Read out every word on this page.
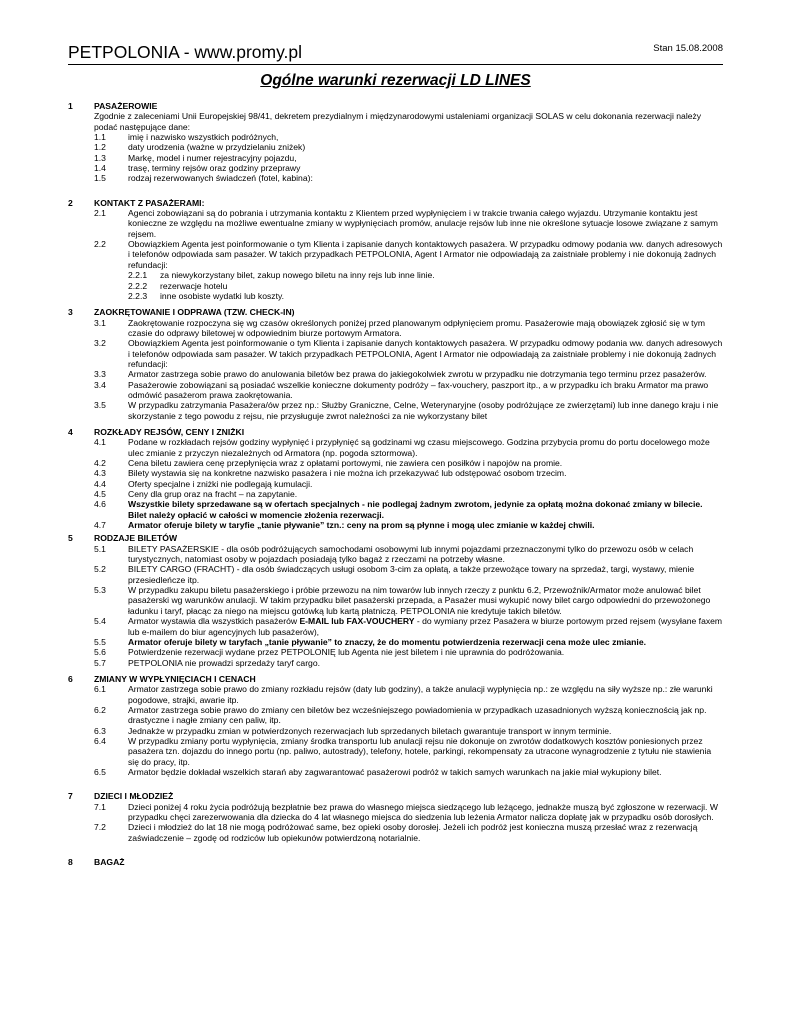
PETPOLONIA - www.promy.pl	Stan 15.08.2008
Ogólne warunki rezerwacji LD LINES
1	PASAŻEROWIE
Zgodnie z zaleceniami Unii Europejskiej 98/41, dekretem prezydialnym i międzynarodowymi ustaleniami organizacji SOLAS w celu dokonania rezerwacji należy podać następujące dane:
1.1	imię i nazwisko wszystkich podróżnych,
1.2	daty urodzenia (ważne w przydzielaniu zniżek)
1.3	Markę, model i numer rejestracyjny pojazdu,
1.4	trasę, terminy rejsów oraz godziny przeprawy
1.5	rodzaj rezerwowanych świadczeń (fotel, kabina):
2	KONTAKT Z PASAŻERAMI:
2.1	Agenci zobowiązani są do pobrania i utrzymania kontaktu z Klientem przed wypłynięciem i w trakcie trwania całego wyjazdu. Utrzymanie kontaktu jest konieczne ze względu na możliwe ewentualne zmiany w wypłynięciach promów, anulacje rejsów lub inne nie określone sytuacje losowe związane z samym rejsem.
2.2	Obowiązkiem Agenta jest poinformowanie o tym Klienta i zapisanie danych kontaktowych pasażera. W przypadku odmowy podania ww. danych adresowych i telefonów odpowiada sam pasażer. W takich przypadkach PETPOLONIA, Agent I Armator nie odpowiadają za zaistniałe problemy i nie dokonują żadnych refundacji:
2.2.1	za niewykorzystany bilet, zakup nowego biletu na inny rejs lub inne linie.
2.2.2	rezerwacje hotelu
2.2.3	inne osobiste wydatki lub koszty.
3	ZAOKRĘTOWANIE I ODPRAWA (TZW. CHECK-IN)
3.1	Zaokrętowanie rozpoczyna się wg czasów określonych poniżej przed planowanym odpłynięciem promu. Pasażerowie mają obowiązek zgłosić się w tym czasie do odprawy biletowej w odpowiednim biurze portowym Armatora.
3.2	Obowiązkiem Agenta jest poinformowanie o tym Klienta i zapisanie danych kontaktowych pasażera. W przypadku odmowy podania ww. danych adresowych i telefonów odpowiada sam pasażer. W takich przypadkach PETPOLONIA, Agent I Armator nie odpowiadają za zaistniałe problemy i nie dokonują żadnych refundacji:
3.3	Armator zastrzega sobie prawo do anulowania biletów bez prawa do jakiegokolwiek zwrotu w przypadku nie dotrzymania tego terminu przez pasażerów.
3.4	Pasażerowie zobowiązani są posiadać wszelkie konieczne dokumenty podróży – fax-vouchery, paszport itp., a w przypadku ich braku Armator ma prawo odmówić pasażerom prawa zaokrętowania.
3.5	W przypadku zatrzymania Pasażera/ów przez np.: Służby Graniczne, Celne, Weterynaryjne (osoby podróżujące ze zwierzętami) lub inne danego kraju i nie skorzystanie z tego powodu z rejsu, nie przysługuje zwrot należności za nie wykorzystany bilet
4	ROZKŁADY REJSÓW, CENY I ZNIŻKI
4.1	Podane w rozkładach rejsów godziny wypłynięć i przypłynięć są godzinami wg czasu miejscowego. Godzina przybycia promu do portu docelowego może ulec zmianie z przyczyn niezależnych od Armatora (np. pogoda sztormowa).
4.2	Cena biletu zawiera cenę przepłynięcia wraz z opłatami portowymi, nie zawiera cen posiłków i napojów na promie.
4.3	Bilety wystawia się na konkretne nazwisko pasażera i nie można ich przekazywać lub odstępować osobom trzecim.
4.4	Oferty specjalne i zniżki nie podlegają kumulacji.
4.5	Ceny dla grup oraz na fracht – na zapytanie.
4.6	Wszystkie bilety sprzedawane są w ofertach specjalnych - nie podlegaj żadnym zwrotom, jedynie za opłatą można dokonać zmiany w bilecie. Bilet należy opłacić w całości w momencie złożenia rezerwacji.
4.7	Armator oferuje bilety w taryfie „tanie pływanie” tzn.: ceny na prom są płynne i mogą ulec zmianie w każdej chwili.
5	RODZAJE BILETÓW
5.1	BILETY PASAŻERSKIE - dla osób podróżujących samochodami osobowymi lub innymi pojazdami przeznaczonymi tylko do przewozu osób w celach turystycznych, natomiast osoby w pojazdach posiadają tylko bagaż z rzeczami na potrzeby własne.
5.2	BILETY CARGO (FRACHT) - dla osób świadczących usługi osobom 3-cim za opłatą, a także przewożące towary na sprzedaż, targi, wystawy, mienie przesiedleńcze itp.
5.3	W przypadku zakupu biletu pasażerskiego i próbie przewozu na nim towarów lub innych rzeczy z punktu 6.2, Przewoźnik/Armator może anulować bilet pasażerski wg warunków anulacji. W takim przypadku bilet pasażerski przepada, a Pasażer musi wykupić nowy bilet cargo odpowiedni do przewożonego ładunku i taryf, płacąc za niego na miejscu gotówką lub kartą płatniczą. PETPOLONIA nie kredytuje takich biletów.
5.4	Armator wystawia dla wszystkich pasażerów E-MAIL lub FAX-VOUCHERY - do wymiany przez Pasażera w biurze portowym przed rejsem (wysyłane faxem lub e-mailem do biur agencyjnych lub pasażerów),
5.5	Armator oferuje bilety w taryfach „tanie pływanie” to znaczy, że do momentu potwierdzenia rezerwacji cena może ulec zmianie.
5.6	Potwierdzenie rezerwacji wydane przez PETPOLONIĘ lub Agenta nie jest biletem i nie uprawnia do podróżowania.
5.7	PETPOLONIA nie prowadzi sprzedaży taryf cargo.
6	ZMIANY W WYPŁYNIĘCIACH I CENACH
6.1	Armator zastrzega sobie prawo do zmiany rozkładu rejsów (daty lub godziny), a także anulacji wypłynięcia np.: ze względu na siły wyższe np.: złe warunki pogodowe, strajki, awarie itp.
6.2	Armator zastrzega sobie prawo do zmiany cen biletów bez wcześniejszego powiadomienia w przypadkach uzasadnionych wyższą koniecznością jak np. drastyczne i nagłe zmiany cen paliw, itp.
6.3	Jednakże w przypadku zmian w potwierdzonych rezerwacjach lub sprzedanych biletach gwarantuje transport w innym terminie.
6.4	W przypadku zmiany portu wypłynięcia, zmiany środka transportu lub anulacji rejsu nie dokonuje on zwrotów dodatkowych kosztów poniesionych przez pasażera tzn. dojazdu do innego portu (np. paliwo, autostrady), telefony, hotele, parkingi, rekompensaty za utracone wynagrodzenie z tytułu nie stawienia się do pracy, itp.
6.5	Armator będzie dokładał wszelkich starań aby zagwarantować pasażerowi podróż w takich samych warunkach na jakie miał wykupiony bilet.
7	DZIECI I MŁODZIEŻ
7.1	Dzieci poniżej 4 roku życia podróżują bezpłatnie bez prawa do własnego miejsca siedzącego lub leżącego, jednakże muszą być zgłoszone w rezerwacji. W przypadku chęci zarezerwowania dla dziecka do 4 lat własnego miejsca do siedzenia lub leżenia Armator nalicza dopłatę jak w przypadku osób dorosłych.
7.2	Dzieci i młodzież do lat 18 nie mogą podróżować same, bez opieki osoby dorosłej. Jeżeli ich podróż jest konieczna muszą przesłać wraz z rezerwacją zaświadczenie – zgodę od rodziców lub opiekunów potwierdzoną notarialnie.
8	BAGAŻ
